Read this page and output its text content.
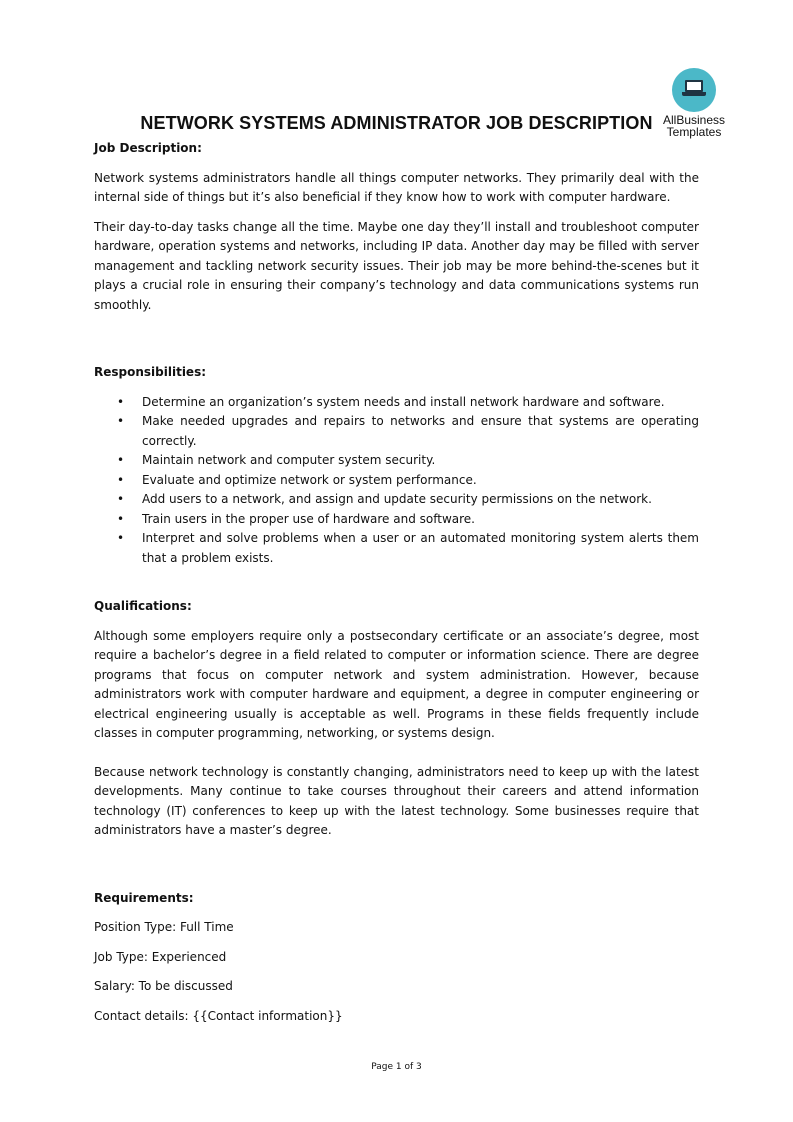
AllBusiness
Templates
NETWORK SYSTEMS ADMINISTRATOR JOB DESCRIPTION

Job Description:

Network systems administrators handle all things computer networks. They primarily deal with the internal side of things but it’s also beneficial if they know how to work with computer hardware.

Their day-to-day tasks change all the time. Maybe one day they’ll install and troubleshoot computer hardware, operation systems and networks, including IP data. Another day may be filled with server management and tackling network security issues. Their job may be more behind-the-scenes but it plays a crucial role in ensuring their company’s technology and data communications systems run smoothly.

Responsibilities:

• Determine an organization’s system needs and install network hardware and software.
• Make needed upgrades and repairs to networks and ensure that systems are operating correctly.
• Maintain network and computer system security.
• Evaluate and optimize network or system performance.
• Add users to a network, and assign and update security permissions on the network.
• Train users in the proper use of hardware and software.
• Interpret and solve problems when a user or an automated monitoring system alerts them that a problem exists.

Qualifications:

Although some employers require only a postsecondary certificate or an associate’s degree, most require a bachelor’s degree in a field related to computer or information science. There are degree programs that focus on computer network and system administration. However, because administrators work with computer hardware and equipment, a degree in computer engineering or electrical engineering usually is acceptable as well. Programs in these fields frequently include classes in computer programming, networking, or systems design.

Because network technology is constantly changing, administrators need to keep up with the latest developments. Many continue to take courses throughout their careers and attend information technology (IT) conferences to keep up with the latest technology. Some businesses require that administrators have a master’s degree.

Requirements:

Position Type: Full Time

Job Type: Experienced

Salary: To be discussed

Contact details: {{Contact information}}

Page 1 of 3
